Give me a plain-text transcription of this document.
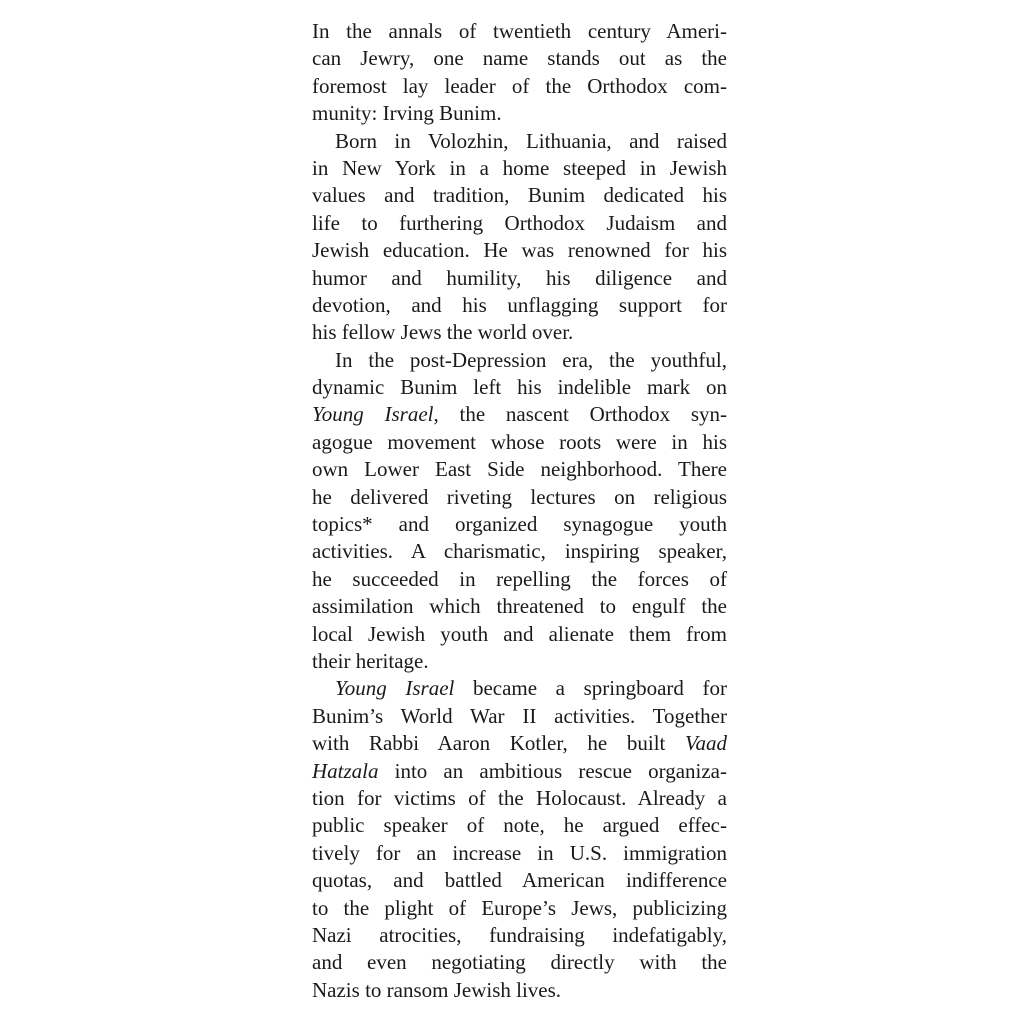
In the annals of twentieth century Ameri-
can Jewry, one name stands out as the
foremost lay leader of the Orthodox com-
munity: Irving Bunim.
Born in Volozhin, Lithuania, and raised
in New York in a home steeped in Jewish
values and tradition, Bunim dedicated his
life to furthering Orthodox Judaism and
Jewish education. He was renowned for his
humor and humility, his diligence and
devotion, and his unflagging support for
his fellow Jews the world over.
In the post-Depression era, the youthful,
dynamic Bunim left his indelible mark on
Young Israel, the nascent Orthodox syn-
agogue movement whose roots were in his
own Lower East Side neighborhood. There
he delivered riveting lectures on religious
topics* and organized synagogue youth
activities. A charismatic, inspiring speaker,
he succeeded in repelling the forces of
assimilation which threatened to engulf the
local Jewish youth and alienate them from
their heritage.
Young Israel became a springboard for
Bunim’s World War II activities. Together
with Rabbi Aaron Kotler, he built Vaad
Hatzala into an ambitious rescue organiza-
tion for victims of the Holocaust. Already a
public speaker of note, he argued effec-
tively for an increase in U.S. immigration
quotas, and battled American indifference
to the plight of Europe’s Jews, publicizing
Nazi atrocities, fundraising indefatigably,
and even negotiating directly with the
Nazis to ransom Jewish lives.
